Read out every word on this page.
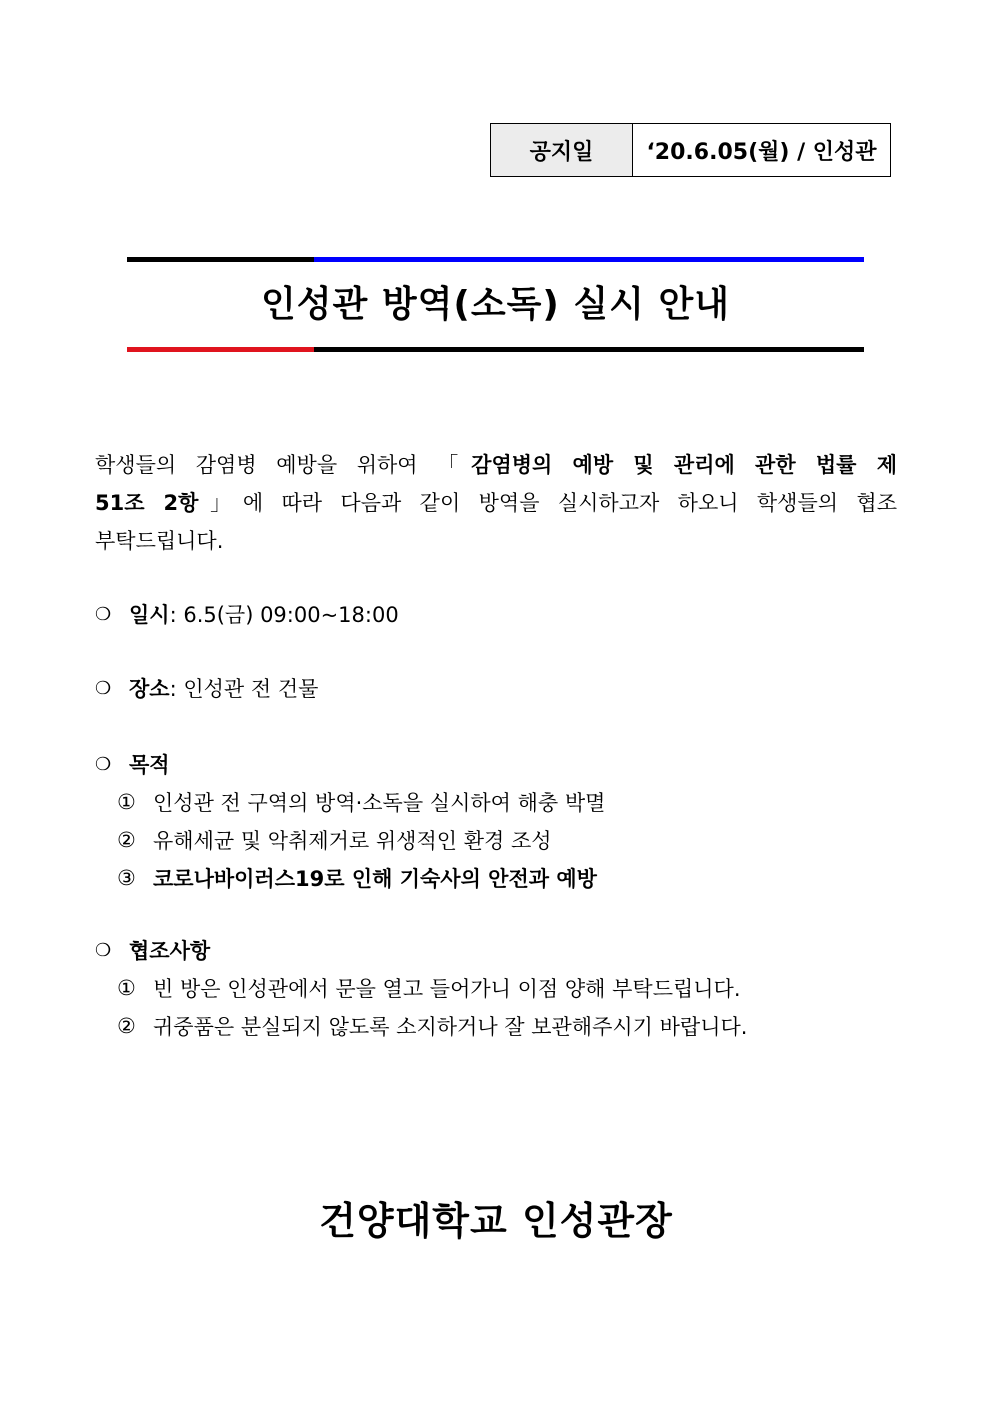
공지일	‘20.6.05(월) / 인성관
인성관 방역(소독) 실시 안내
학생들의 감염병 예방을 위하여 「감염병의 예방 및 관리에 관한 법률 제
51조 2항」에 따라 다음과 같이 방역을 실시하고자 하오니 학생들의 협조
부탁드립니다.
❍ 일시 : 6.5(금) 09:00~18:00
❍ 장소 : 인성관 전 건물
❍ 목적
① 인성관 전 구역의 방역·소독을 실시하여 해충 박멸
② 유해세균 및 악취제거로 위생적인 환경 조성
③ 코로나바이러스19로 인해 기숙사의 안전과 예방
❍ 협조사항
① 빈 방은 인성관에서 문을 열고 들어가니 이점 양해 부탁드립니다.
② 귀중품은 분실되지 않도록 소지하거나 잘 보관해주시기 바랍니다.
건양대학교 인성관장
